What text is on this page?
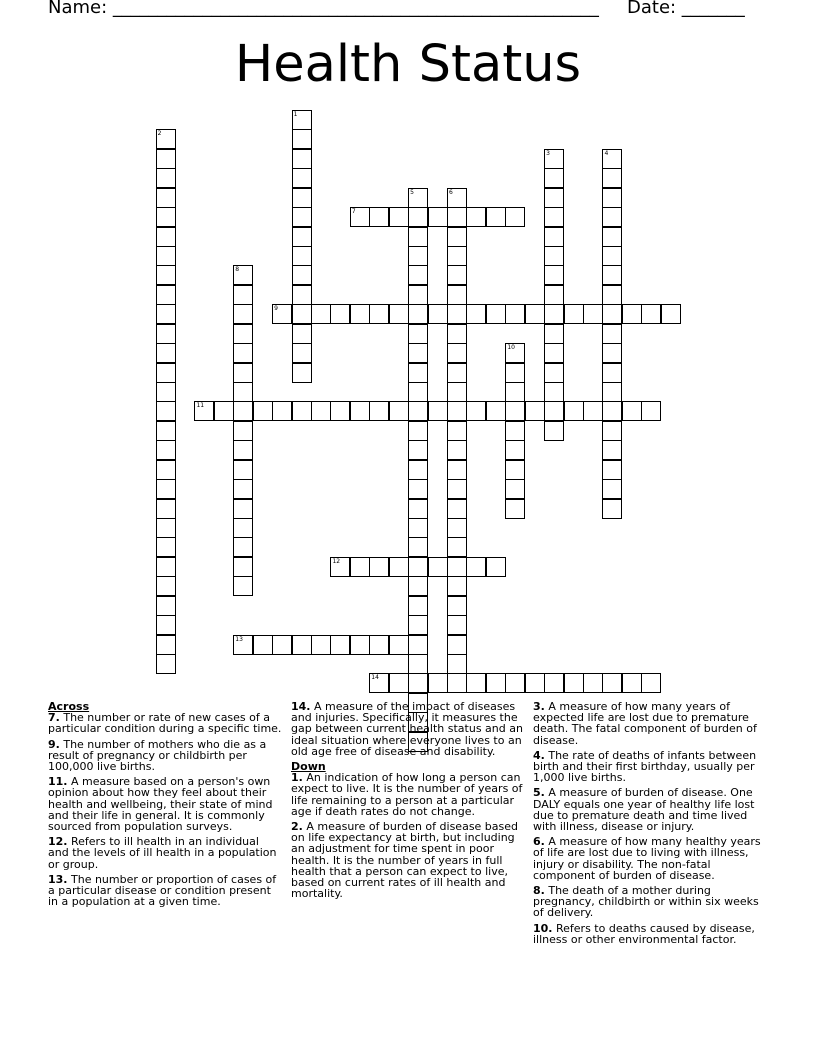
Name: ______________________________________________________ Date: _______
Health Status
1
2
3	4
5	6
7
8
9
10
11
12
13
14
Across
7. The number or rate of new cases of a particular condition during a specific time.
9. The number of mothers who die as a result of pregnancy or childbirth per 100,000 live births.
11. A measure based on a person's own opinion about how they feel about their health and wellbeing, their state of mind and their life in general. It is commonly sourced from population surveys.
12. Refers to ill health in an individual and the levels of ill health in a population or group.
13. The number or proportion of cases of a particular disease or condition present in a population at a given time.
14. A measure of the impact of diseases and injuries. Specifically, it measures the gap between current health status and an ideal situation where everyone lives to an old age free of disease and disability.
Down
1. An indication of how long a person can expect to live. It is the number of years of life remaining to a person at a particular age if death rates do not change.
2. A measure of burden of disease based on life expectancy at birth, but including an adjustment for time spent in poor health. It is the number of years in full health that a person can expect to live, based on current rates of ill health and mortality.
3. A measure of how many years of expected life are lost due to premature death. The fatal component of burden of disease.
4. The rate of deaths of infants between birth and their first birthday, usually per 1,000 live births.
5. A measure of burden of disease. One DALY equals one year of healthy life lost due to premature death and time lived with illness, disease or injury.
6. A measure of how many healthy years of life are lost due to living with illness, injury or disability. The non-fatal component of burden of disease.
8. The death of a mother during pregnancy, childbirth or within six weeks of delivery.
10. Refers to deaths caused by disease, illness or other environmental factor.
